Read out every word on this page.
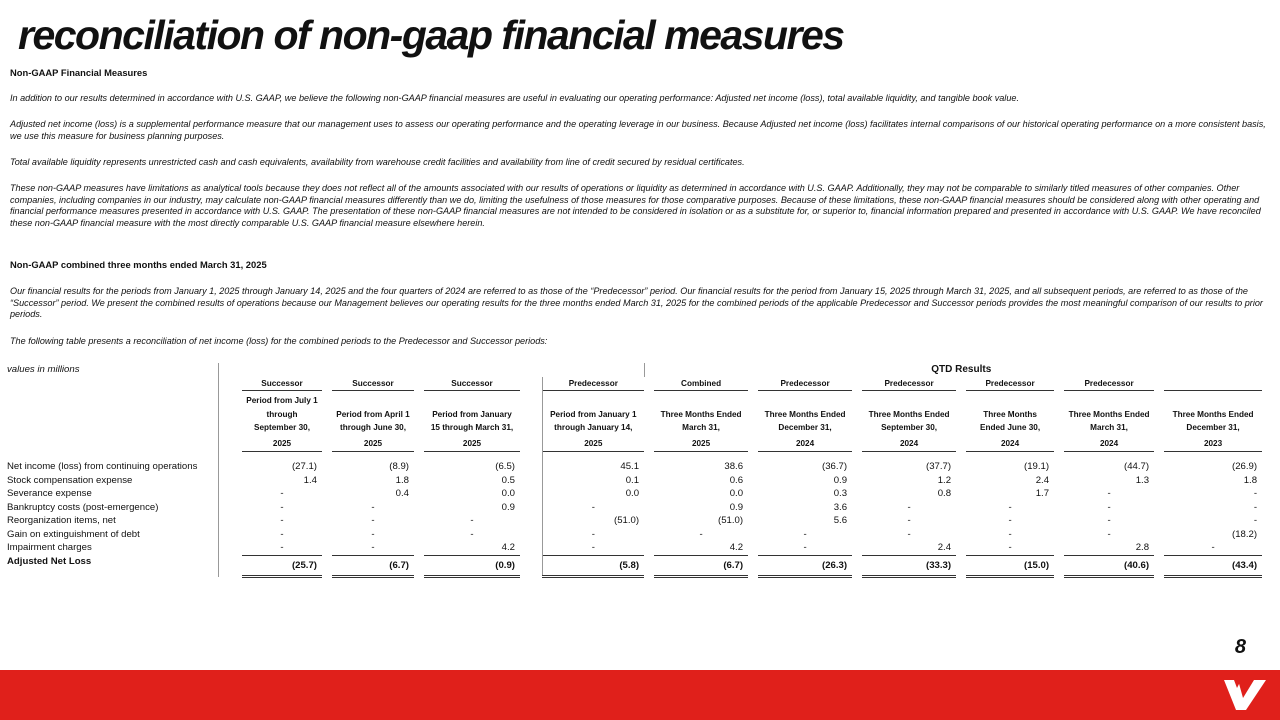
reconciliation of non-gaap financial measures
Non-GAAP Financial Measures

In addition to our results determined in accordance with U.S. GAAP, we believe the following non-GAAP financial measures are useful in evaluating our operating performance: Adjusted net income (loss), total available liquidity, and tangible book value.

Adjusted net income (loss) is a supplemental performance measure that our management uses to assess our operating performance and the operating leverage in our business. Because Adjusted net income (loss) facilitates internal comparisons of our historical operating performance on a more consistent basis, we use this measure for business planning purposes.

Total available liquidity represents unrestricted cash and cash equivalents, availability from warehouse credit facilities and availability from line of credit secured by residual certificates.

These non-GAAP measures have limitations as analytical tools because they does not reflect all of the amounts associated with our results of operations or liquidity as determined in accordance with U.S. GAAP. Additionally, they may not be comparable to similarly titled measures of other companies. Other companies, including companies in our industry, may calculate non-GAAP financial measures differently than we do, limiting the usefulness of those measures for those comparative purposes. Because of these limitations, these non-GAAP financial measures should be considered along with other operating and financial performance measures presented in accordance with U.S. GAAP. The presentation of these non-GAAP financial measures are not intended to be considered in isolation or as a substitute for, or superior to, financial information prepared and presented in accordance with U.S. GAAP. We have reconciled these non-GAAP financial measure with the most directly comparable U.S. GAAP financial measure elsewhere herein.

Non-GAAP combined three months ended March 31, 2025

Our financial results for the periods from January 1, 2025 through January 14, 2025 and the four quarters of 2024 are referred to as those of the “Predecessor” period. Our financial results for the period from January 15, 2025 through March 31, 2025, and all subsequent periods, are referred to as those of the “Successor” period. We present the combined results of operations because our Management believes our operating results for the three months ended March 31, 2025 for the combined periods of the applicable Predecessor and Successor periods provides the most meaningful comparison of our results to prior periods.

The following table presents a reconciliation of net income (loss) for the combined periods to the Predecessor and Successor periods:

values in millions									QTD Results											
		Successor		Successor		Successor		Predecessor		Combined		Predecessor		Predecessor		Predecessor		Predecessor		
		Period from July 1 through September 30,		Period from April 1 through June 30,		Period from January 15 through March 31,		Period from January 1 through January 14,		Three Months Ended March 31,		Three Months Ended December 31,		Three Months Ended September 30,		Three Months Ended June 30,		Three Months Ended March 31,		Three Months Ended December 31,
		2025		2025		2025		2025		2025		2024		2024		2024		2024		2023
Net income (loss) from continuing operations		(27.1)		(8.9)		(6.5)		45.1		38.6		(36.7)		(37.7)		(19.1)		(44.7)		(26.9)
Stock compensation expense		1.4		1.8		0.5		0.1		0.6		0.9		1.2		2.4		1.3		1.8
Severance expense		-		0.4		0.0		0.0		0.0		0.3		0.8		1.7		-		-
Bankruptcy costs (post-emergence)		-		-		0.9		-		0.9		3.6		-		-		-		-
Reorganization items, net		-		-		-		(51.0)		(51.0)		5.6		-		-		-		-
Gain on extinguishment of debt		-		-		-		-		-		-		-		-		-		(18.2)
Impairment charges		-		-		4.2		-		4.2		-		2.4		-		2.8		-
Adjusted Net Loss		(25.7)		(6.7)		(0.9)		(5.8)		(6.7)		(26.3)		(33.3)		(15.0)		(40.6)		(43.4)
8
